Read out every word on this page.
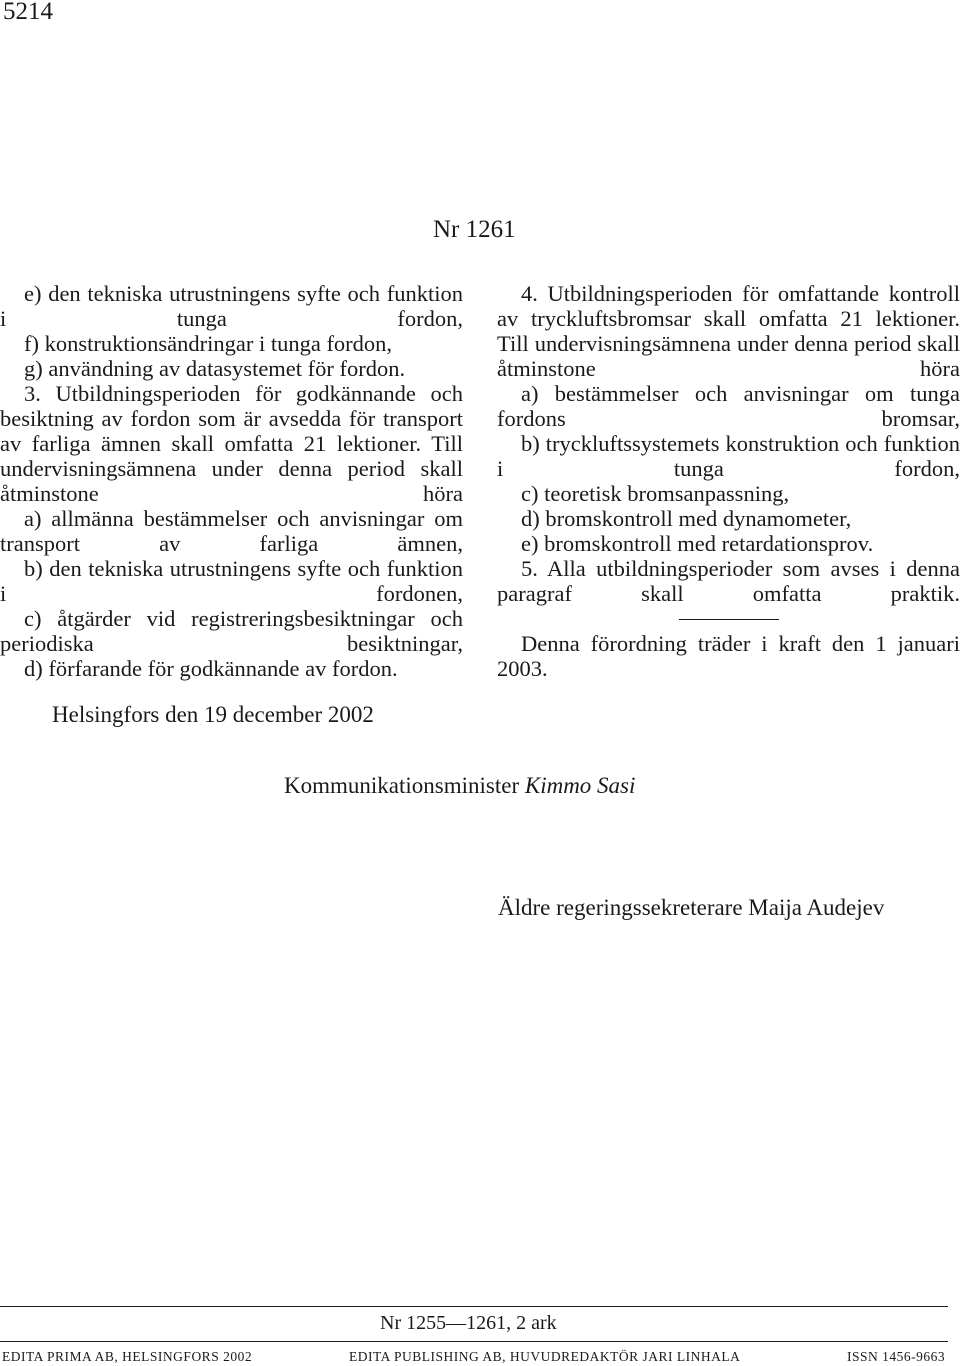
5214
Nr 1261

e) den tekniska utrustningens syfte och funktion i tunga fordon,

f) konstruktionsändringar i tunga fordon,

g) användning av datasystemet för fordon.

3. Utbildningsperioden för godkännande och besiktning av fordon som är avsedda för transport av farliga ämnen skall omfatta 21 lektioner. Till undervisningsämnena under denna period skall åtminstone höra

a) allmänna bestämmelser och anvisningar om transport av farliga ämnen,

b) den tekniska utrustningens syfte och funktion i fordonen,

c) åtgärder vid registreringsbesiktningar och periodiska besiktningar,

d) förfarande för godkännande av fordon.

4. Utbildningsperioden för omfattande kontroll av tryckluftsbromsar skall omfatta 21 lektioner. Till undervisningsämnena under denna period skall åtminstone höra

a) bestämmelser och anvisningar om tunga fordons bromsar,

b) tryckluftssystemets konstruktion och funktion i tunga fordon,

c) teoretisk bromsanpassning,

d) bromskontroll med dynamometer,

e) bromskontroll med retardationsprov.

5. Alla utbildningsperioder som avses i denna paragraf skall omfatta praktik.

Denna förordning träder i kraft den 1 januari 2003.

Helsingfors den 19 december 2002
Kommunikationsminister Kimmo Sasi
Äldre regeringssekreterare Maija Audejev
Nr 1255—1261, 2 ark
EDITA PRIMA AB, HELSINGFORS 2002	EDITA PUBLISHING AB, HUVUDREDAKTÖR JARI LINHALA	ISSN 1456-9663
